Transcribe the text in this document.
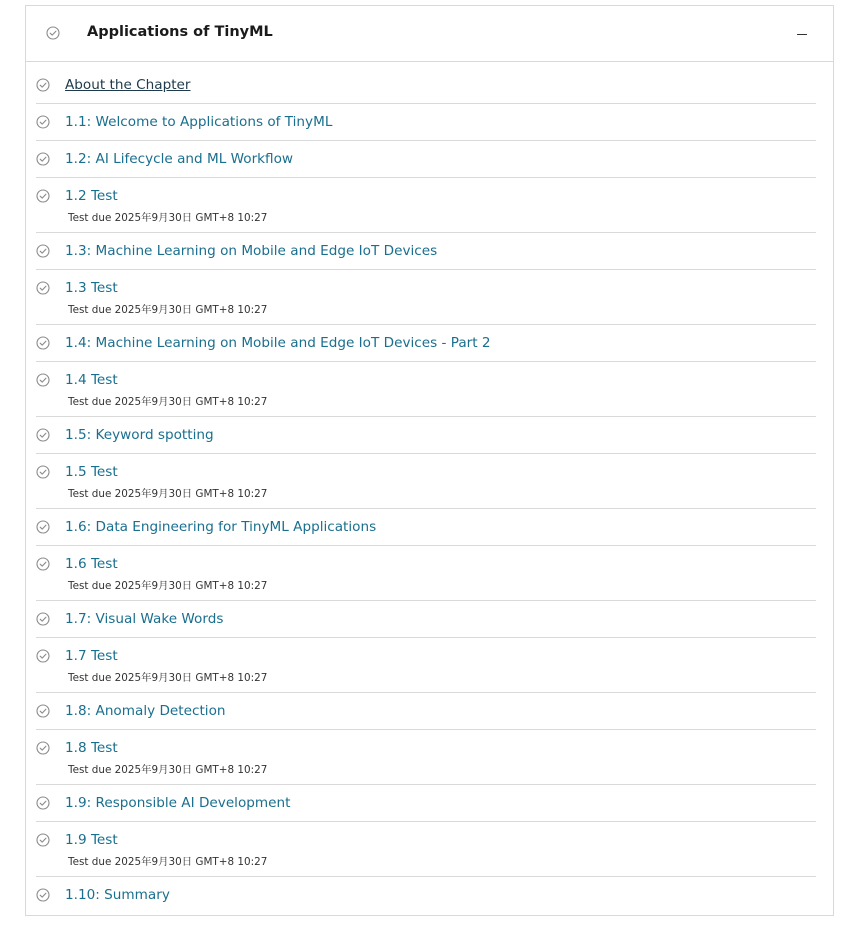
Applications of TinyML
About the Chapter
1.1: Welcome to Applications of TinyML
1.2: AI Lifecycle and ML Workflow
1.2 Test
Test due 2025年9月30日 GMT+8 10:27
1.3: Machine Learning on Mobile and Edge IoT Devices
1.3 Test
Test due 2025年9月30日 GMT+8 10:27
1.4: Machine Learning on Mobile and Edge IoT Devices - Part 2
1.4 Test
Test due 2025年9月30日 GMT+8 10:27
1.5: Keyword spotting
1.5 Test
Test due 2025年9月30日 GMT+8 10:27
1.6: Data Engineering for TinyML Applications
1.6 Test
Test due 2025年9月30日 GMT+8 10:27
1.7: Visual Wake Words
1.7 Test
Test due 2025年9月30日 GMT+8 10:27
1.8: Anomaly Detection
1.8 Test
Test due 2025年9月30日 GMT+8 10:27
1.9: Responsible AI Development
1.9 Test
Test due 2025年9月30日 GMT+8 10:27
1.10: Summary
